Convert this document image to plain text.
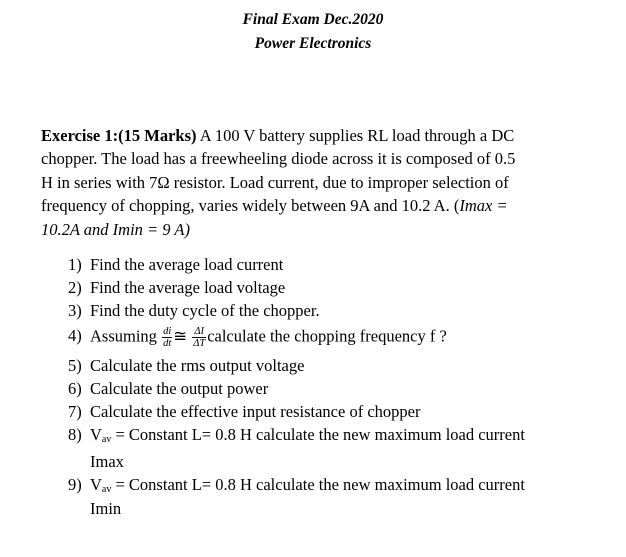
Final Exam Dec.2020
Power Electronics
Exercise 1:(15 Marks) A 100 V battery supplies RL load through a DC
chopper. The load has a freewheeling diode across it is composed of 0.5
H in series with 7Ω resistor. Load current, due to improper selection of
frequency of chopping, varies widely between 9A and 10.2 A. (Imax =
10.2A and Imin = 9 A)
1) Find the average load current
2) Find the average load voltage
3) Find the duty cycle of the chopper.
4) Assuming $\frac{di}{dt}$ ≅ $\frac{\Delta I}{\Delta T}$ calculate the chopping frequency f ?
5) Calculate the rms output voltage
6) Calculate the output power
7) Calculate the effective input resistance of chopper
8) $V_{av}$ = Constant L= 0.8 H calculate the new maximum load current
Imax
9) $V_{av}$ = Constant L= 0.8 H calculate the new maximum load current
Imin
